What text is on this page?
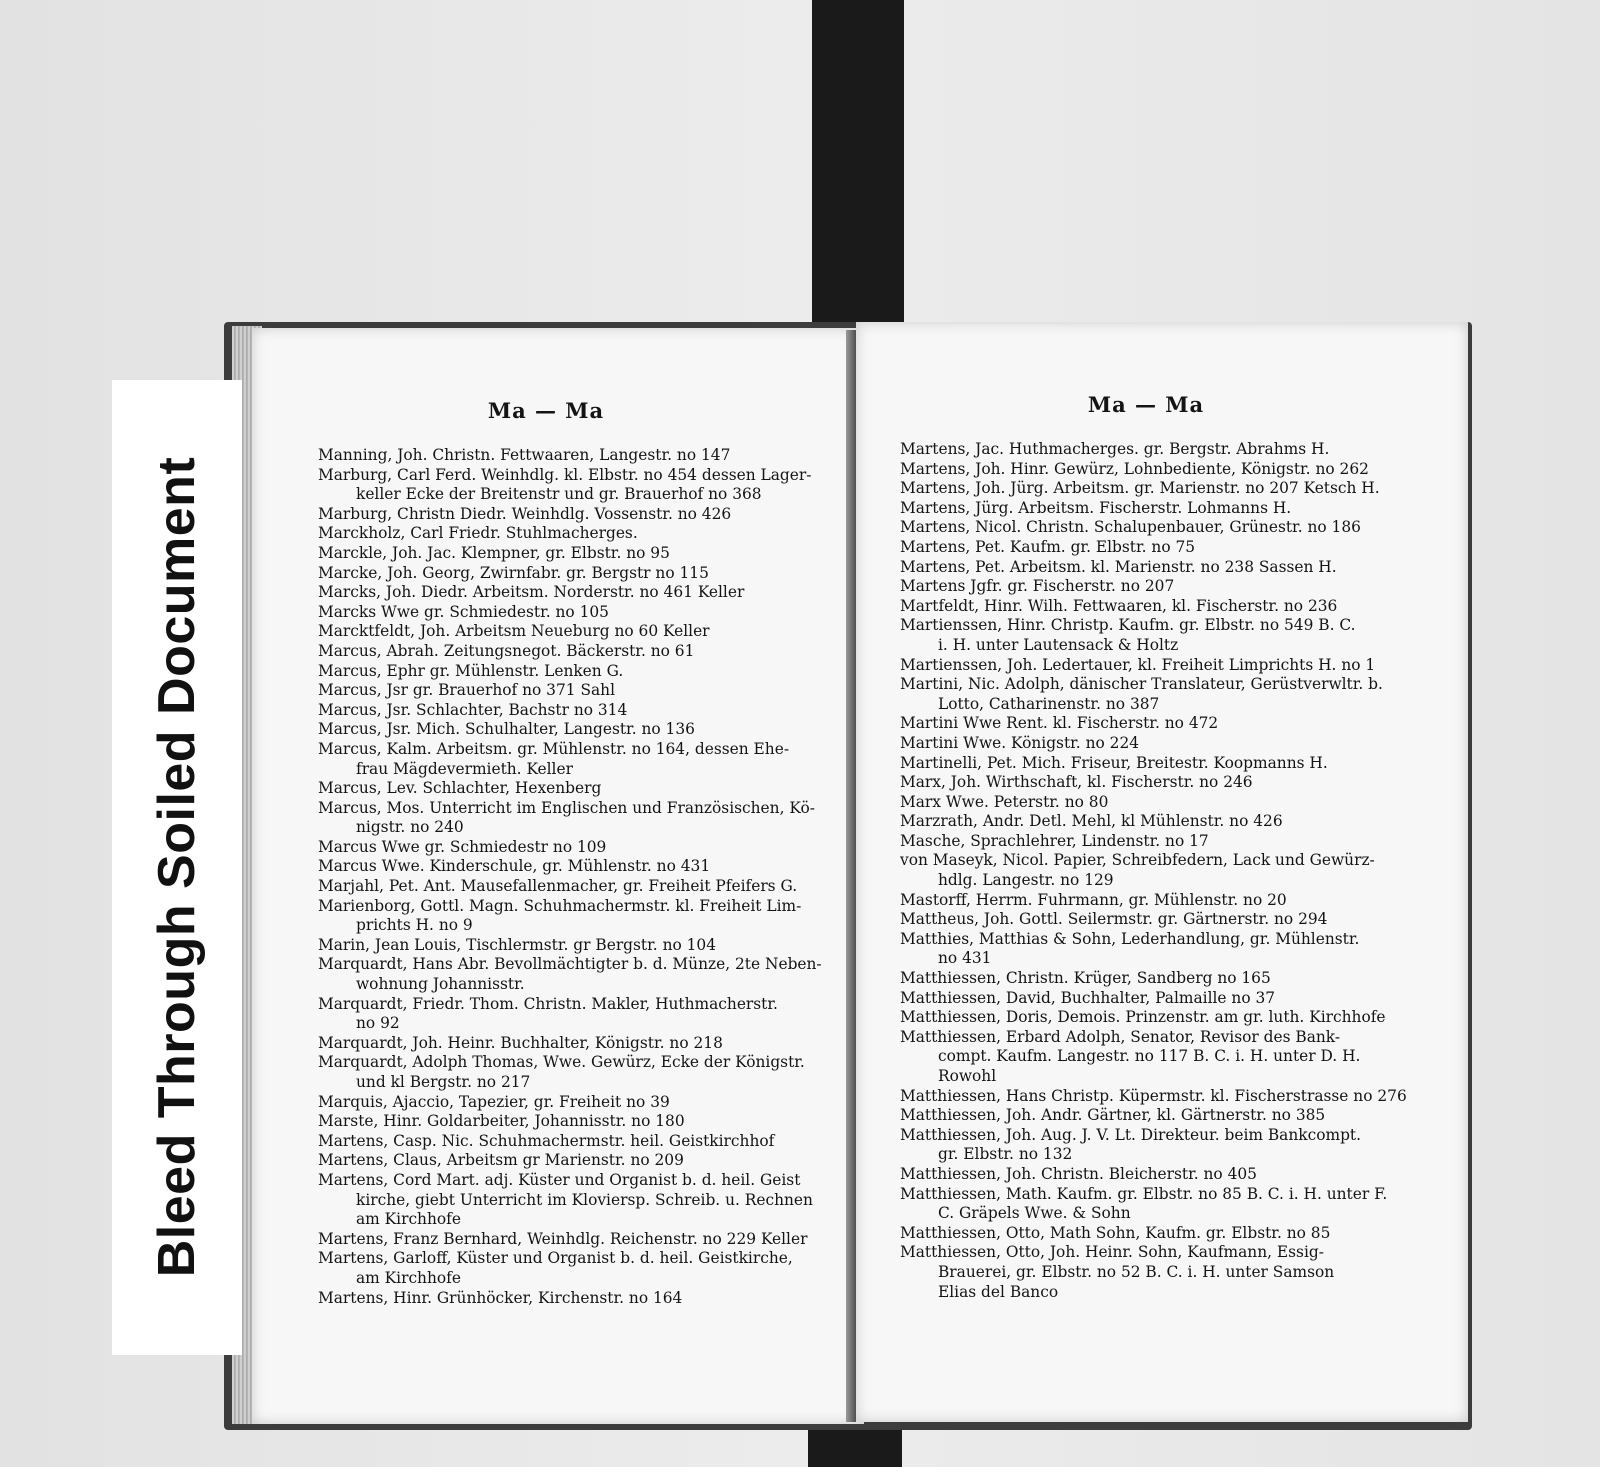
Ma — Ma
Manning, Joh. Christn. Fettwaaren, Langestr. no 147
Marburg, Carl Ferd. Weinhdlg. kl. Elbstr. no 454 dessen Lager-
keller Ecke der Breitenstr und gr. Brauerhof no 368
Marburg, Christn Diedr. Weinhdlg. Vossenstr. no 426
Marckholz, Carl Friedr. Stuhlmacherges.
Marckle, Joh. Jac. Klempner, gr. Elbstr. no 95
Marcke, Joh. Georg, Zwirnfabr. gr. Bergstr no 115
Marcks, Joh. Diedr. Arbeitsm. Norderstr. no 461 Keller
Marcks Wwe gr. Schmiedestr. no 105
Marcktfeldt, Joh. Arbeitsm Neueburg no 60 Keller
Marcus, Abrah. Zeitungsnegot. Bäckerstr. no 61
Marcus, Ephr gr. Mühlenstr. Lenken G.
Marcus, Jsr gr. Brauerhof no 371 Sahl
Marcus, Jsr. Schlachter, Bachstr no 314
Marcus, Jsr. Mich. Schulhalter, Langestr. no 136
Marcus, Kalm. Arbeitsm. gr. Mühlenstr. no 164, dessen Ehe-
frau Mägdevermieth. Keller
Marcus, Lev. Schlachter, Hexenberg
Marcus, Mos. Unterricht im Englischen und Französischen, Kö-
nigstr. no 240
Marcus Wwe gr. Schmiedestr no 109
Marcus Wwe. Kinderschule, gr. Mühlenstr. no 431
Marjahl, Pet. Ant. Mausefallenmacher, gr. Freiheit Pfeifers G.
Marienborg, Gottl. Magn. Schuhmachermstr. kl. Freiheit Lim-
prichts H. no 9
Marin, Jean Louis, Tischlermstr. gr Bergstr. no 104
Marquardt, Hans Abr. Bevollmächtigter b. d. Münze, 2te Neben-
wohnung Johannisstr.
Marquardt, Friedr. Thom. Christn. Makler, Huthmacherstr.
no 92
Marquardt, Joh. Heinr. Buchhalter, Königstr. no 218
Marquardt, Adolph Thomas, Wwe. Gewürz, Ecke der Königstr.
und kl Bergstr. no 217
Marquis, Ajaccio, Tapezier, gr. Freiheit no 39
Marste, Hinr. Goldarbeiter, Johannisstr. no 180
Martens, Casp. Nic. Schuhmachermstr. heil. Geistkirchhof
Martens, Claus, Arbeitsm gr Marienstr. no 209
Martens, Cord Mart. adj. Küster und Organist b. d. heil. Geist
kirche, giebt Unterricht im Kloviersp. Schreib. u. Rechnen
am Kirchhofe
Martens, Franz Bernhard, Weinhdlg. Reichenstr. no 229 Keller
Martens, Garloff, Küster und Organist b. d. heil. Geistkirche,
am Kirchhofe
Martens, Hinr. Grünhöcker, Kirchenstr. no 164
Ma — Ma
Martens, Jac. Huthmacherges. gr. Bergstr. Abrahms H.
Martens, Joh. Hinr. Gewürz, Lohnbediente, Königstr. no 262
Martens, Joh. Jürg. Arbeitsm. gr. Marienstr. no 207 Ketsch H.
Martens, Jürg. Arbeitsm. Fischerstr. Lohmanns H.
Martens, Nicol. Christn. Schalupenbauer, Grünestr. no 186
Martens, Pet. Kaufm. gr. Elbstr. no 75
Martens, Pet. Arbeitsm. kl. Marienstr. no 238 Sassen H.
Martens Jgfr. gr. Fischerstr. no 207
Martfeldt, Hinr. Wilh. Fettwaaren, kl. Fischerstr. no 236
Martienssen, Hinr. Christp. Kaufm. gr. Elbstr. no 549 B. C.
i. H. unter Lautensack & Holtz
Martienssen, Joh. Ledertauer, kl. Freiheit Limprichts H. no 1
Martini, Nic. Adolph, dänischer Translateur, Gerüstverwltr. b.
Lotto, Catharinenstr. no 387
Martini Wwe Rent. kl. Fischerstr. no 472
Martini Wwe. Königstr. no 224
Martinelli, Pet. Mich. Friseur, Breitestr. Koopmanns H.
Marx, Joh. Wirthschaft, kl. Fischerstr. no 246
Marx Wwe. Peterstr. no 80
Marzrath, Andr. Detl. Mehl, kl Mühlenstr. no 426
Masche, Sprachlehrer, Lindenstr. no 17
von Maseyk, Nicol. Papier, Schreibfedern, Lack und Gewürz-
hdlg. Langestr. no 129
Mastorff, Herrm. Fuhrmann, gr. Mühlenstr. no 20
Mattheus, Joh. Gottl. Seilermstr. gr. Gärtnerstr. no 294
Matthies, Matthias & Sohn, Lederhandlung, gr. Mühlenstr.
no 431
Matthiessen, Christn. Krüger, Sandberg no 165
Matthiessen, David, Buchhalter, Palmaille no 37
Matthiessen, Doris, Demois. Prinzenstr. am gr. luth. Kirchhofe
Matthiessen, Erbard Adolph, Senator, Revisor des Bank-
compt. Kaufm. Langestr. no 117 B. C. i. H. unter D. H.
Rowohl
Matthiessen, Hans Christp. Küpermstr. kl. Fischerstrasse no 276
Matthiessen, Joh. Andr. Gärtner, kl. Gärtnerstr. no 385
Matthiessen, Joh. Aug. J. V. Lt. Direkteur. beim Bankcompt.
gr. Elbstr. no 132
Matthiessen, Joh. Christn. Bleicherstr. no 405
Matthiessen, Math. Kaufm. gr. Elbstr. no 85 B. C. i. H. unter F.
C. Gräpels Wwe. & Sohn
Matthiessen, Otto, Math Sohn, Kaufm. gr. Elbstr. no 85
Matthiessen, Otto, Joh. Heinr. Sohn, Kaufmann, Essig-
Brauerei, gr. Elbstr. no 52 B. C. i. H. unter Samson
Elias del Banco
Bleed Through Soiled Document
